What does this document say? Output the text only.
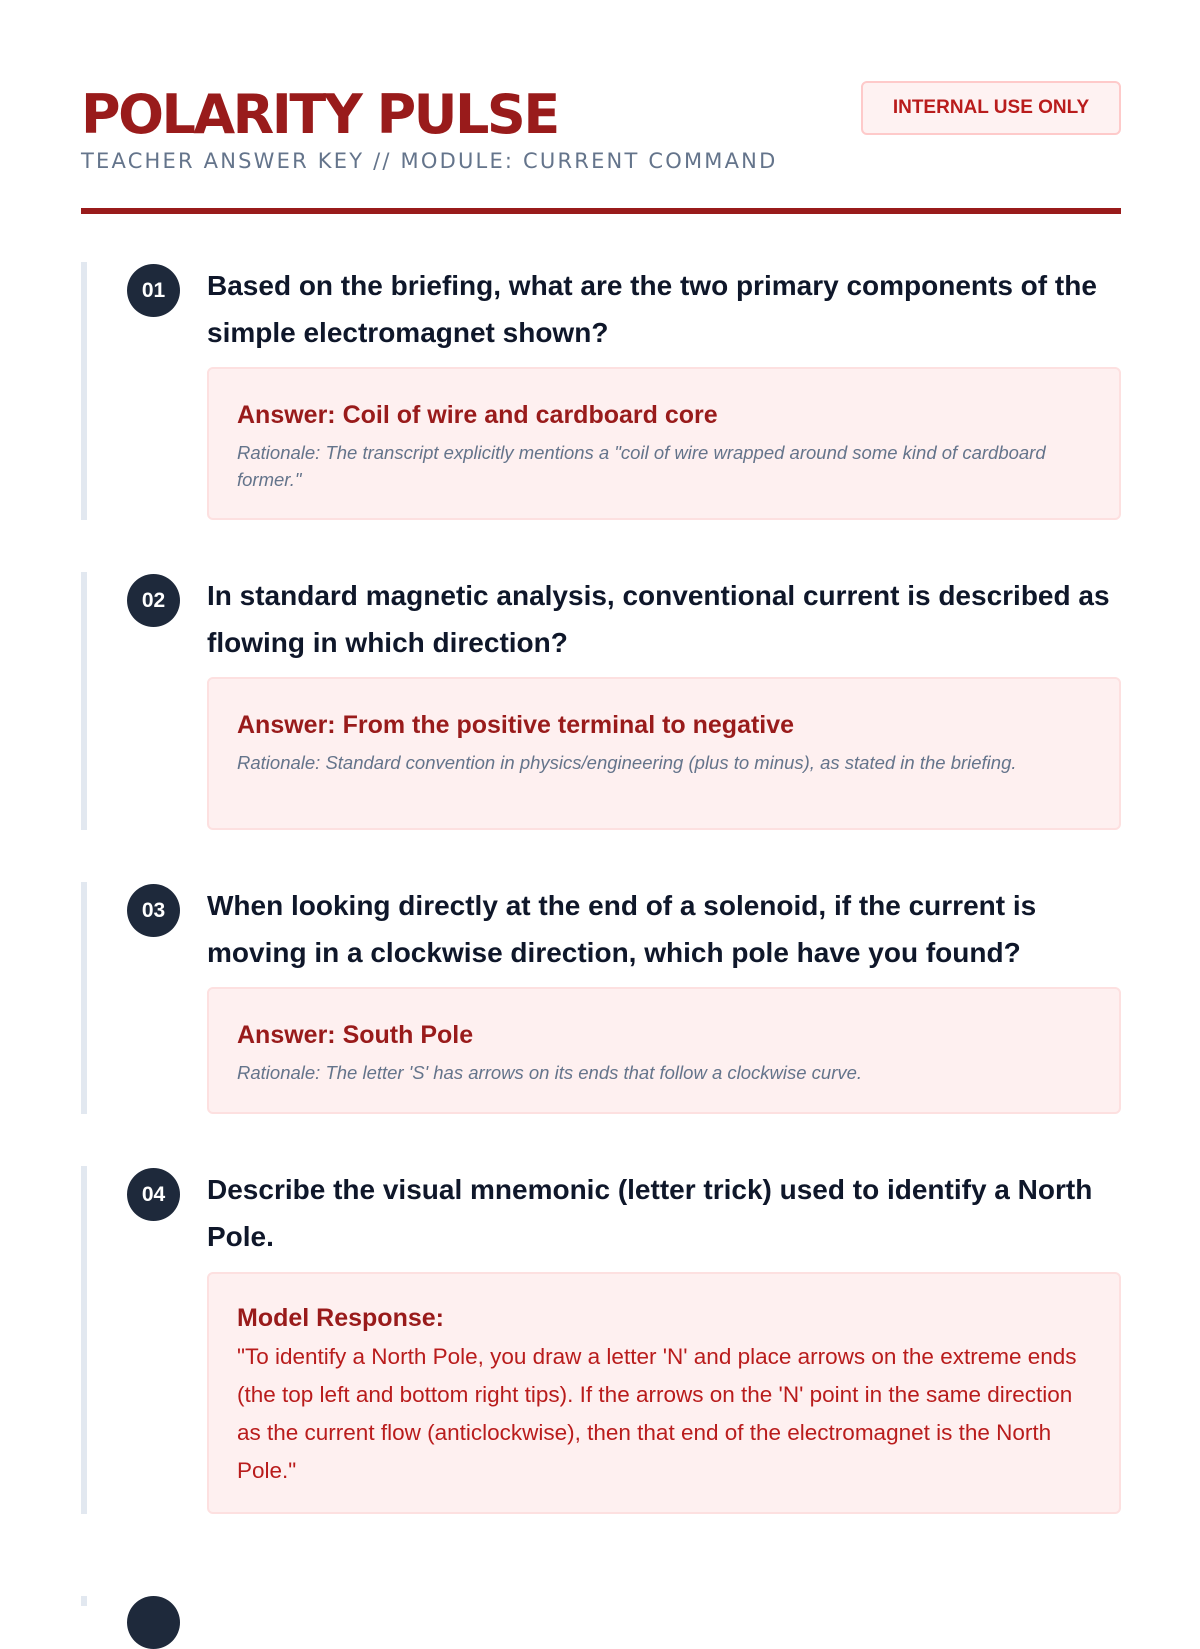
POLARITY PULSE
TEACHER ANSWER KEY // MODULE: CURRENT COMMAND
INTERNAL USE ONLY
01	Based on the briefing, what are the two primary components of the simple electromagnet shown?

Answer: Coil of wire and cardboard core

Rationale: The transcript explicitly mentions a "coil of wire wrapped around some kind of cardboard former."

02	In standard magnetic analysis, conventional current is described as flowing in which direction?

Answer: From the positive terminal to negative

Rationale: Standard convention in physics/engineering (plus to minus), as stated in the briefing.

03	When looking directly at the end of a solenoid, if the current is moving in a clockwise direction, which pole have you found?

Answer: South Pole

Rationale: The letter 'S' has arrows on its ends that follow a clockwise curve.

04	Describe the visual mnemonic (letter trick) used to identify a North Pole.

Model Response:

"To identify a North Pole, you draw a letter 'N' and place arrows on the extreme ends (the top left and bottom right tips). If the arrows on the 'N' point in the same direction as the current flow (anticlockwise), then that end of the electromagnet is the North Pole."
